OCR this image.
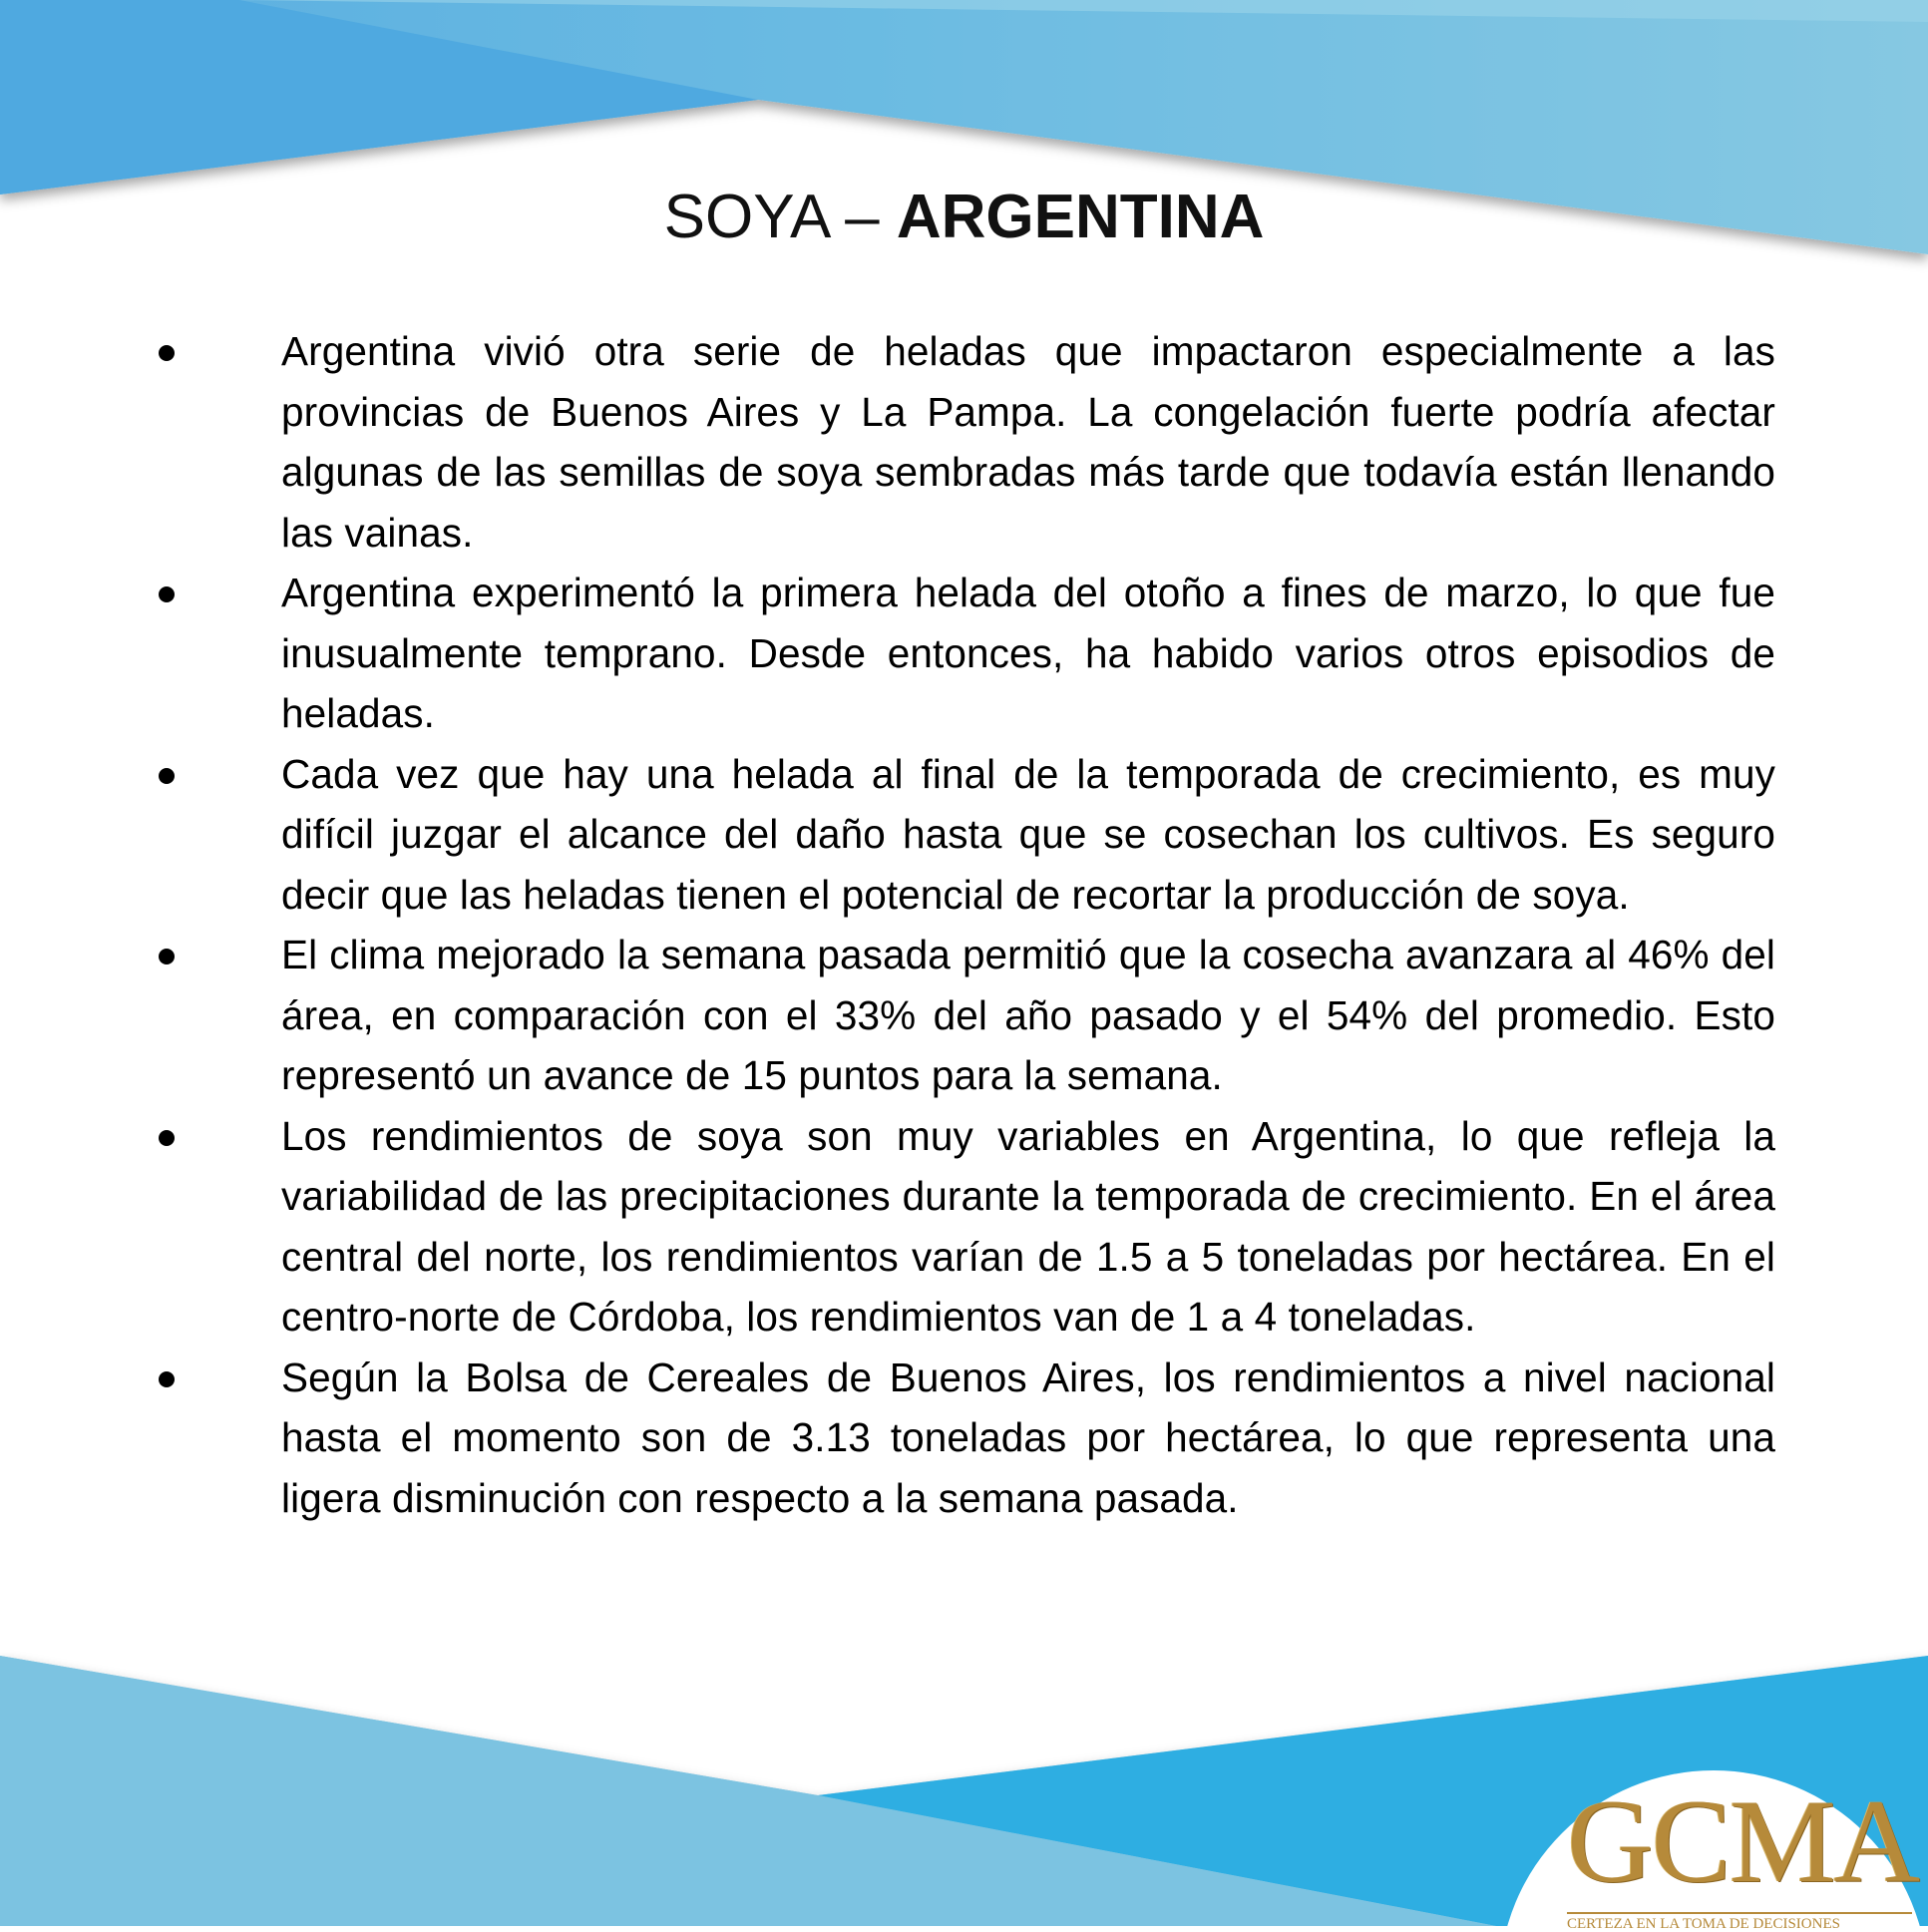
SOYA – ARGENTINA
Argentina vivió otra serie de heladas que impactaron especialmente a las provincias de Buenos Aires y La Pampa. La congelación fuerte podría afectar algunas de las semillas de soya sembradas más tarde que todavía están llenando las vainas.
Argentina experimentó la primera helada del otoño a fines de marzo, lo que fue inusualmente temprano. Desde entonces, ha habido varios otros episodios de heladas.
Cada vez que hay una helada al final de la temporada de crecimiento, es muy difícil juzgar el alcance del daño hasta que se cosechan los cultivos. Es seguro decir que las heladas tienen el potencial de recortar la producción de soya.
El clima mejorado la semana pasada permitió que la cosecha avanzara al 46% del área, en comparación con el 33% del año pasado y el 54% del promedio. Esto representó un avance de 15 puntos para la semana.
Los rendimientos de soya son muy variables en Argentina, lo que refleja la variabilidad de las precipitaciones durante la temporada de crecimiento. En el área central del norte, los rendimientos varían de 1.5 a 5 toneladas por hectárea. En el centro-norte de Córdoba, los rendimientos van de 1 a 4 toneladas.
Según la Bolsa de Cereales de Buenos Aires, los rendimientos a nivel nacional hasta el momento son de 3.13 toneladas por hectárea, lo que representa una ligera disminución con respecto a la semana pasada.
GCMA
CERTEZA EN LA TOMA DE DECISIONES
